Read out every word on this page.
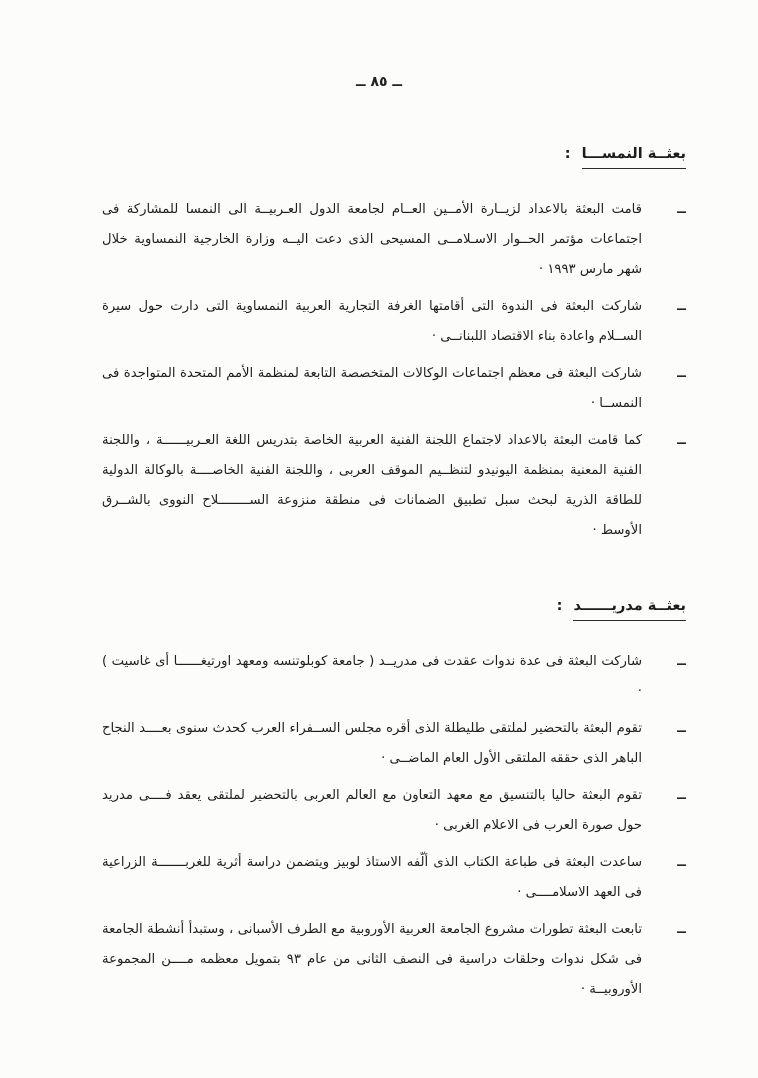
ــ ٨٥ ــ
بعثــة النمســـا :
ــ

قامت البعثة بالاعداد لزيــارة الأمــين العــام لجامعة الدول العـربيــة الى النمسا للمشاركة فى اجتماعات مؤتمر الحــوار الاسـلامــى المسيحى الذى دعت اليــه وزارة الخارجية النمساوية خلال شهر مارس ١٩٩٣ ·

ــ

شاركت البعثة فى الندوة التى أقامتها الغرفة التجارية العربية النمساوية التى دارت حول سيرة الســلام واعادة بناء الاقتصاد اللبنانــى ·

ــ

شاركت البعثة فى معظم اجتماعات الوكالات المتخصصة التابعة لمنظمة الأمم المتحدة المتواجدة فى النمســا ·

ــ

كما قامت البعثة بالاعداد لاجتماع اللجنة الفنية العربية الخاصة بتدريس اللغة العـربيــــــة ، واللجنة الفنية المعنية بمنظمة اليونيدو لتنظــيم الموقف العربى ، واللجنة الفنية الخاصــــة بالوكالة الدولية للطاقة الذرية لبحث سبل تطبيق الضمانات فى منطقة منزوعة الســــــــلاح النووى بالشــرق الأوسط ·

بعثــة مدريــــــد :
ــ

شاركت البعثة فى عدة ندوات عقدت فى مدريــد ( جامعة كوبلوتنسه ومعهد اورتيغــــــا أى غاسيت ) ·

ــ

تقوم البعثة بالتحضير لملتقى طليطلة الذى أقره مجلس الســفراء العرب كحدث سنوى بعــــد النجاح الباهر الذى حققه الملتقى الأول العام الماضــى ·

ــ

تقوم البعثة حاليا بالتنسيق مع معهد التعاون مع العالم العربى بالتحضير لملتقى يعقد فــــى مدريد حول صورة العرب فى الاعلام الغربى ·

ــ

ساعدت البعثة فى طباعة الكتاب الذى ألّفه الاستاذ لوبيز ويتضمن دراسة أثرية للغربـــــــة الزراعية فى العهد الاسلامــــى ·

ــ

تابعت البعثة تطورات مشروع الجامعة العربية الأوروبية مع الطرف الأسبانى ، وستبدأ أنشطة الجامعة فى شكل ندوات وحلقات دراسية فى النصف الثانى من عام ٩٣ بتمويل معظمه مــــن المجموعة الأوروبيــة ·
